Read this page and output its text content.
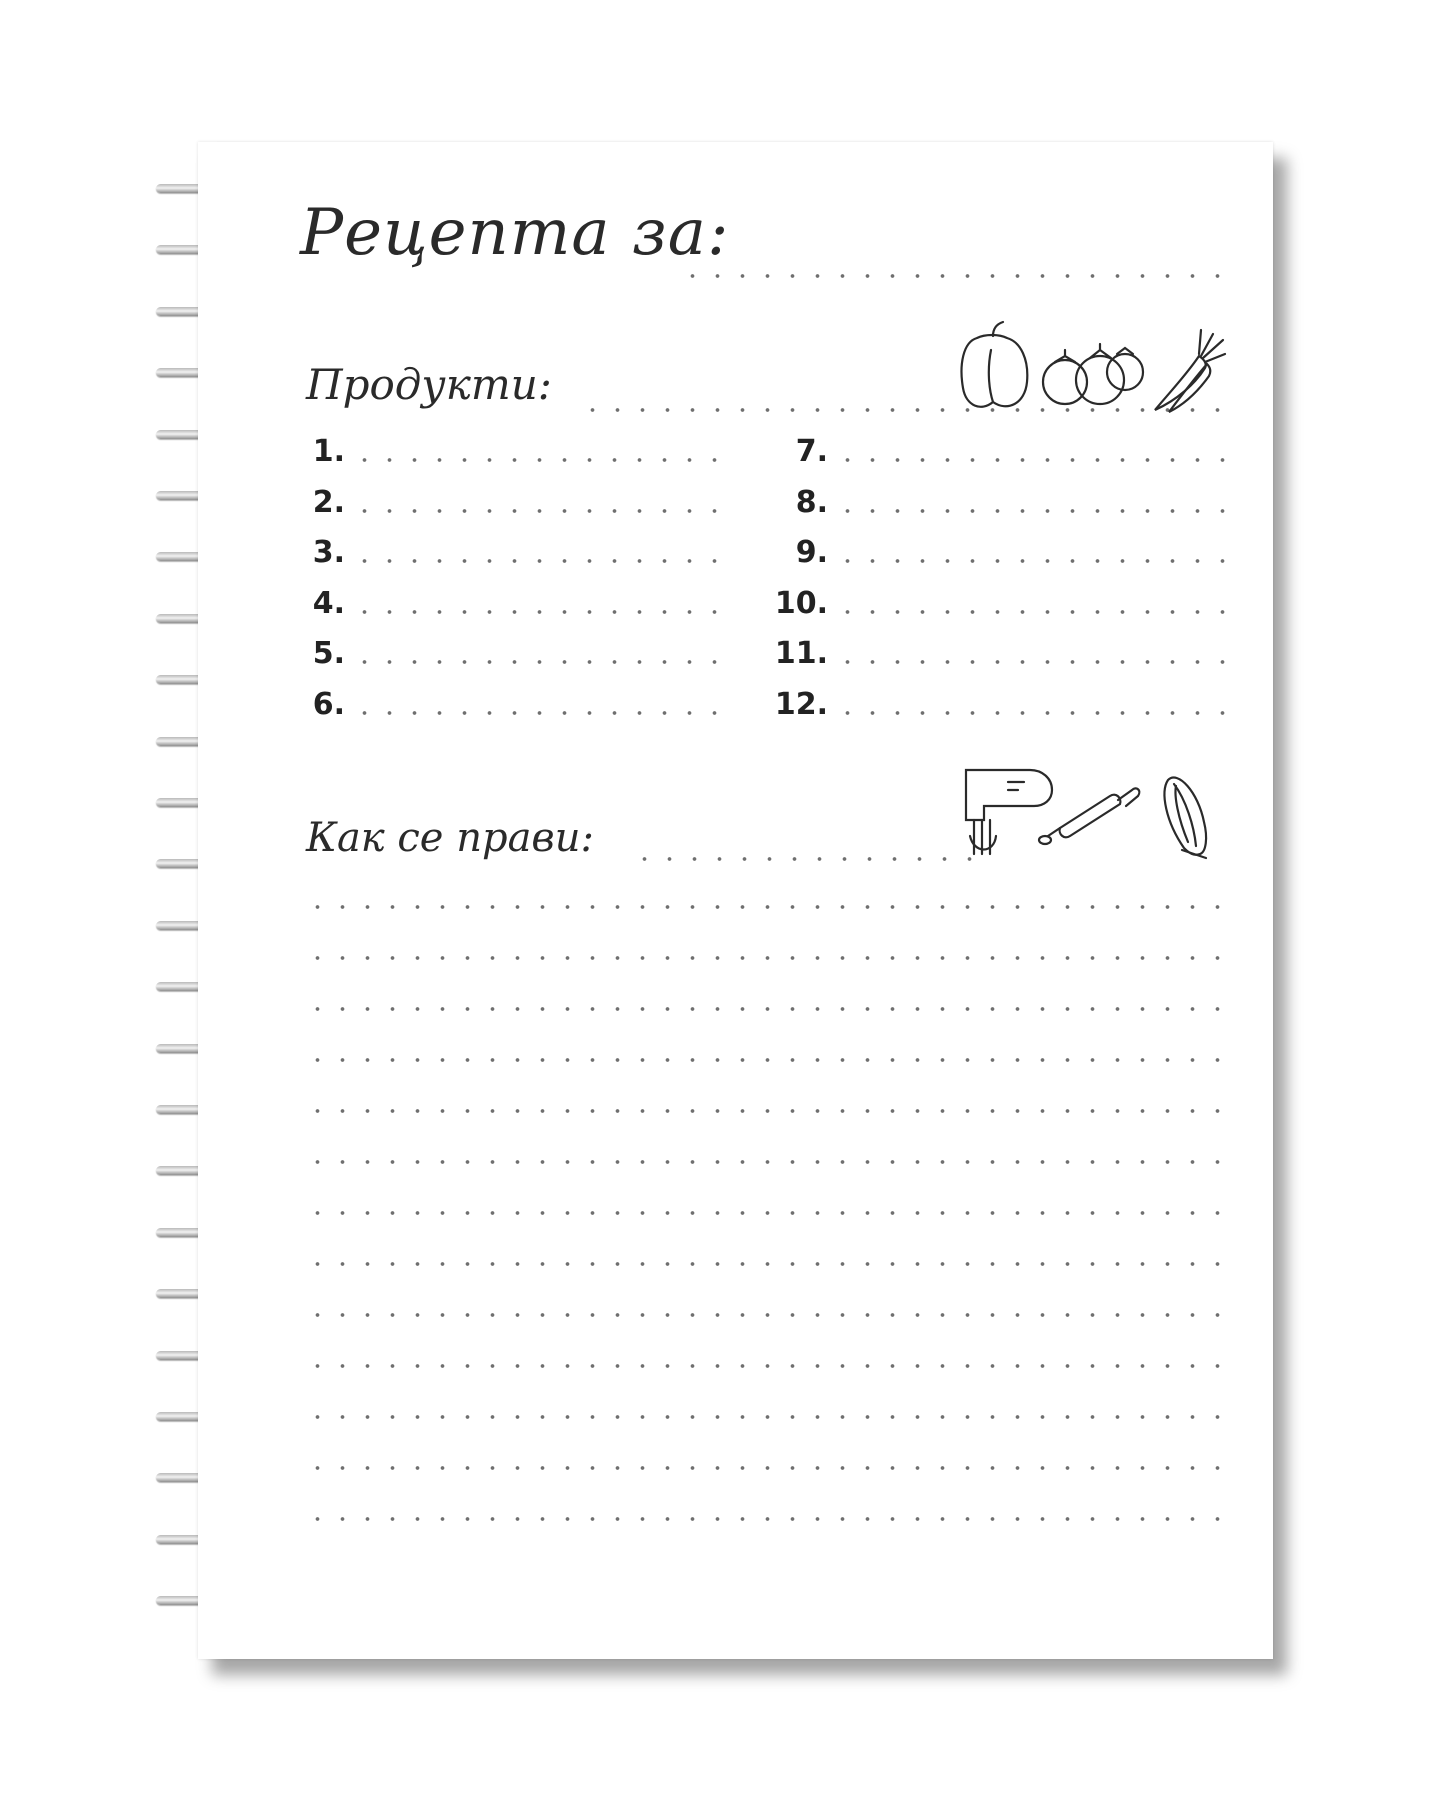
Рецепта за:
Продукти:
1.
2.
3.
4.
5.
6.
7.
8.
9.
10.
11.
12.
Как се прави:
